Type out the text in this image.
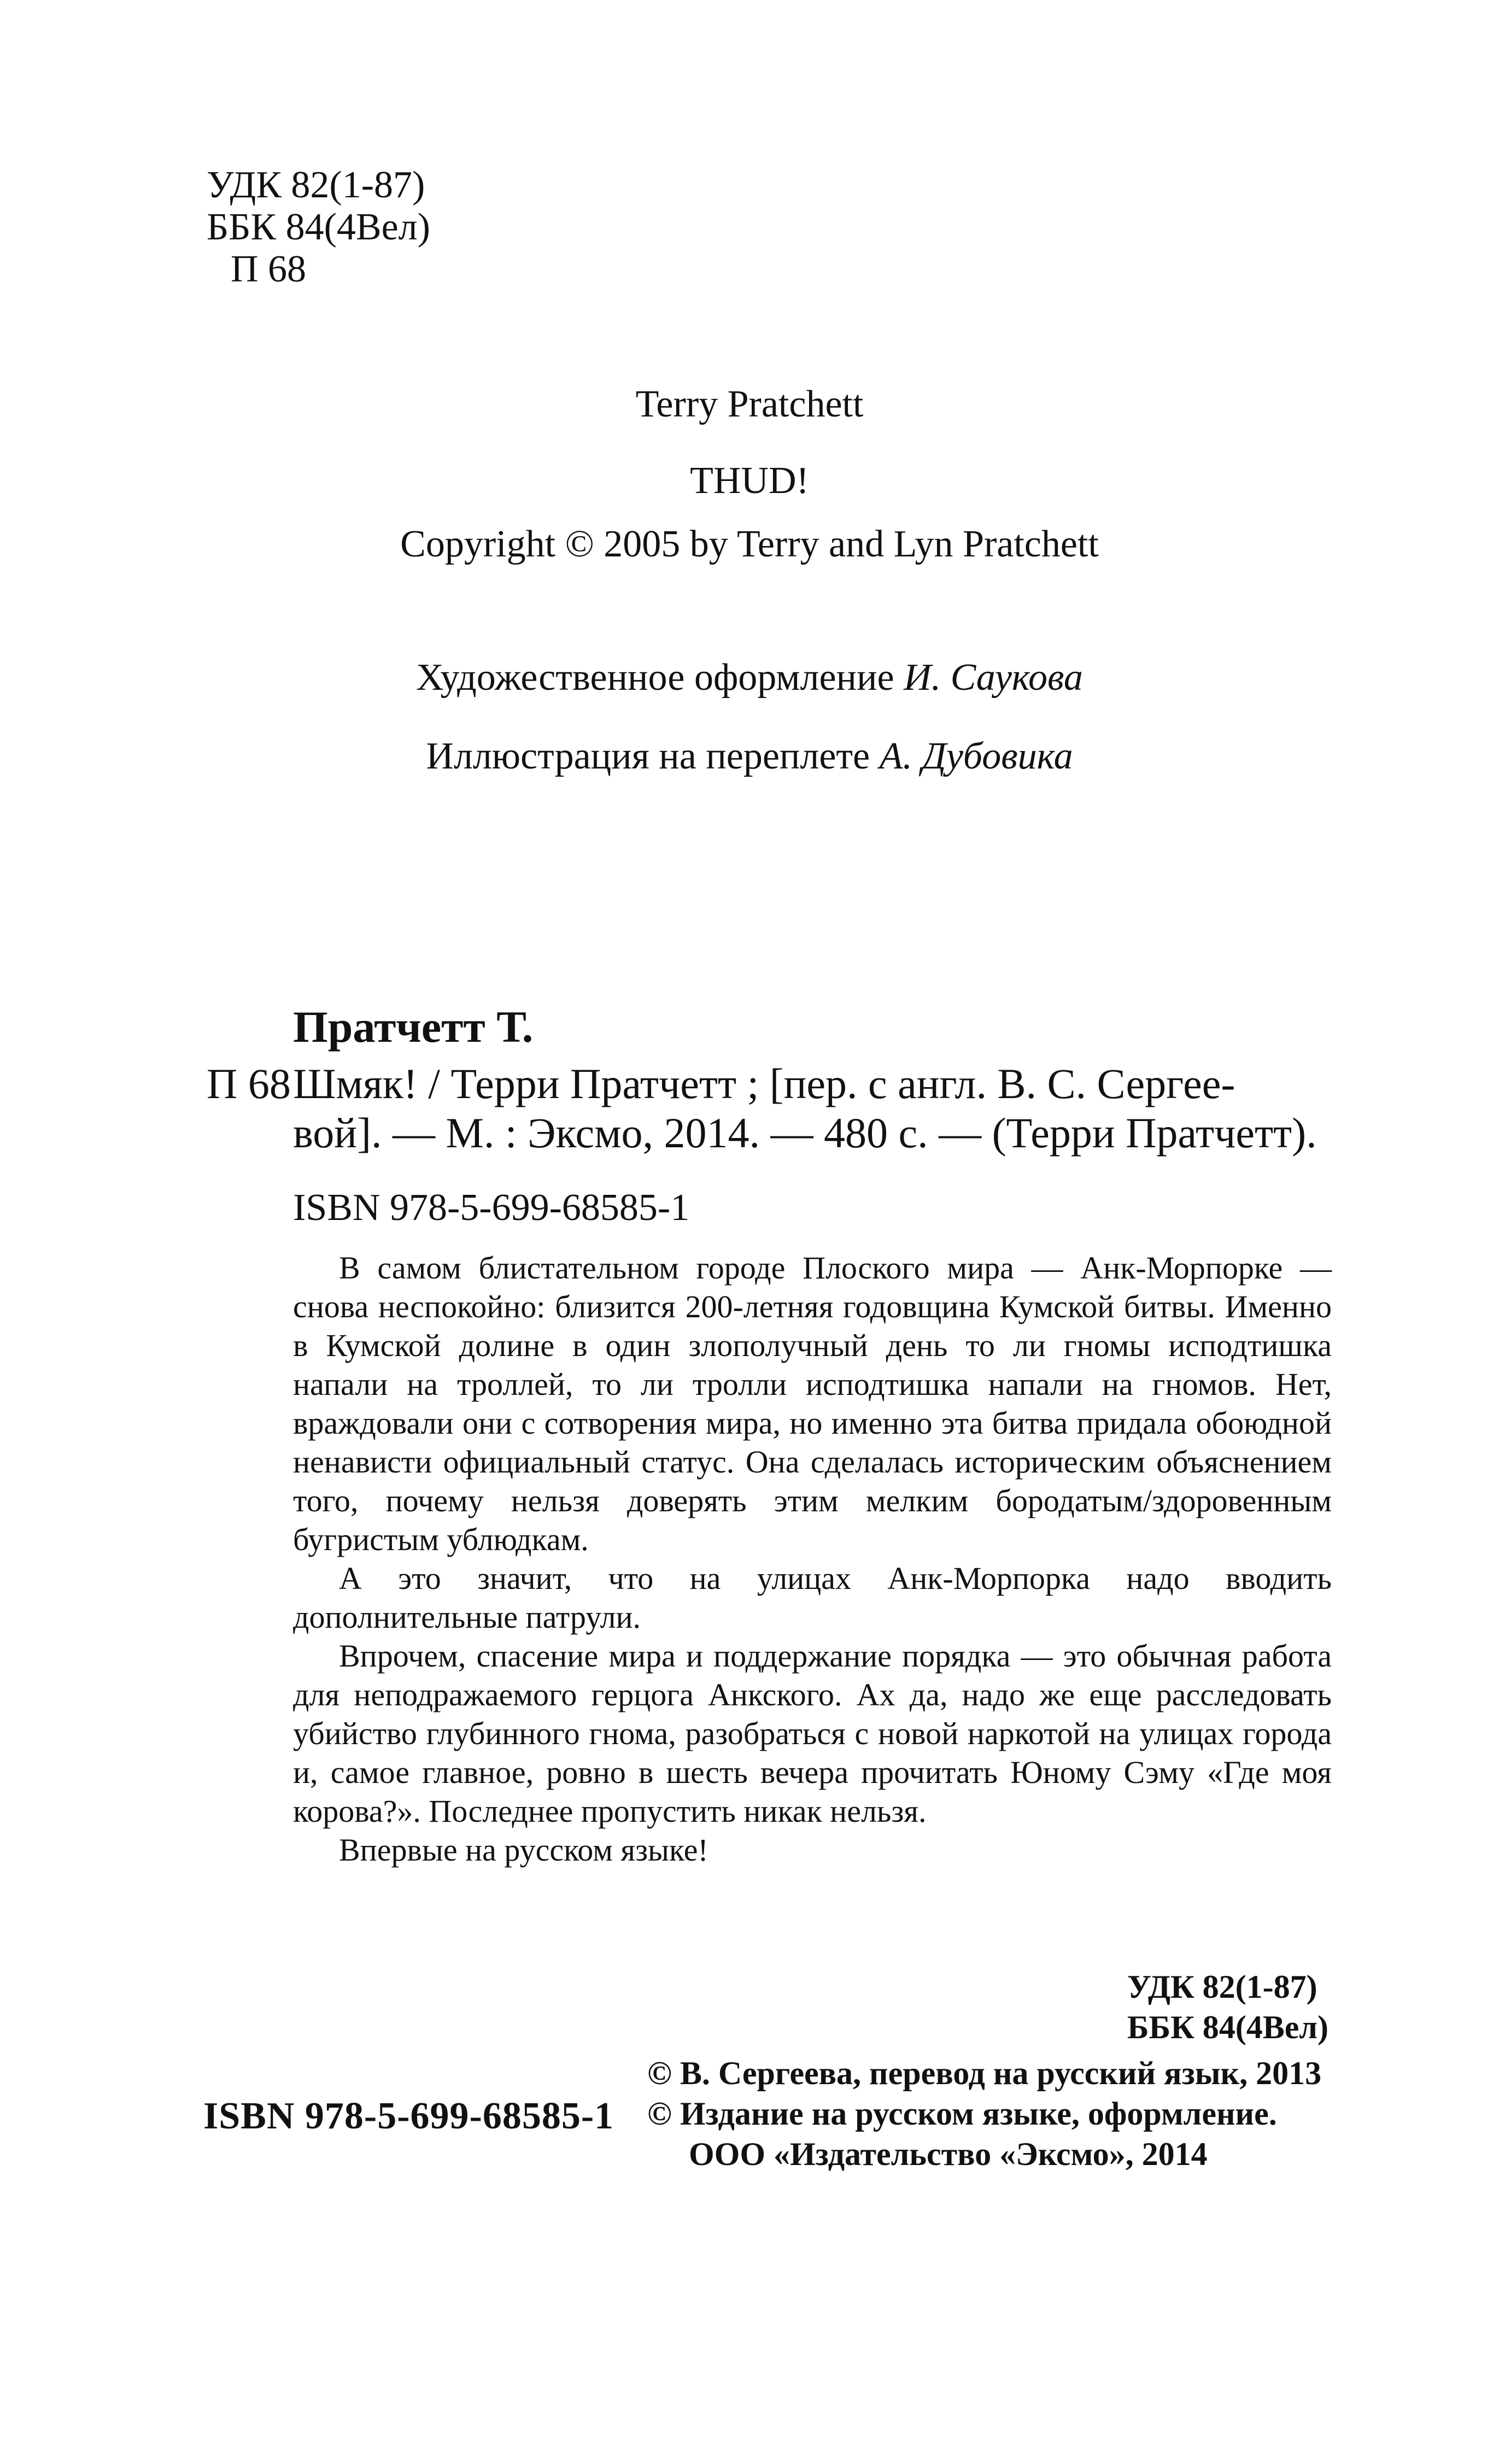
УДК 82(1-87)
ББК 84(4Вел)
П 68
Terry Pratchett
THUD!
Copyright © 2005 by Terry and Lyn Pratchett
Художественное оформление И. Саукова
Иллюстрация на переплете А. Дубовика
Пратчетт Т.
П 68 Шмяк! / Терри Пратчетт ; [пер. с англ. В. С. Сергее-
вой]. — М. : Эксмо, 2014. — 480 с. — (Терри Пратчетт).
ISBN 978-5-699-68585-1

В самом блистательном городе Плоского мира — Анк-Морпорке — снова неспокойно: близится 200-летняя годовщина Кумской битвы. Именно в Кумской долине в один злополучный день то ли гномы исподтишка напали на троллей, то ли тролли исподтишка напали на гномов. Нет, враждовали они с сотворения мира, но именно эта битва придала обоюдной ненависти официальный статус. Она сделалась историческим объяснением того, почему нельзя доверять этим мелким бородатым/здоровенным бугристым ублюдкам.

А это значит, что на улицах Анк-Морпорка надо вводить дополнительные патрули.

Впрочем, спасение мира и поддержание порядка — это обычная работа для неподражаемого герцога Анкского. Ах да, надо же еще расследовать убийство глубинного гнома, разобраться с новой наркотой на улицах города и, самое главное, ровно в шесть вечера прочитать Юному Сэму «Где моя корова?». Последнее пропустить никак нельзя.

Впервые на русском языке!

УДК 82(1-87)
ББК 84(4Вел)
ISBN 978-5-699-68585-1
© В. Сергеева, перевод на русский язык, 2013
© Издание на русском языке, оформление.
ООО «Издательство «Эксмо», 2014
